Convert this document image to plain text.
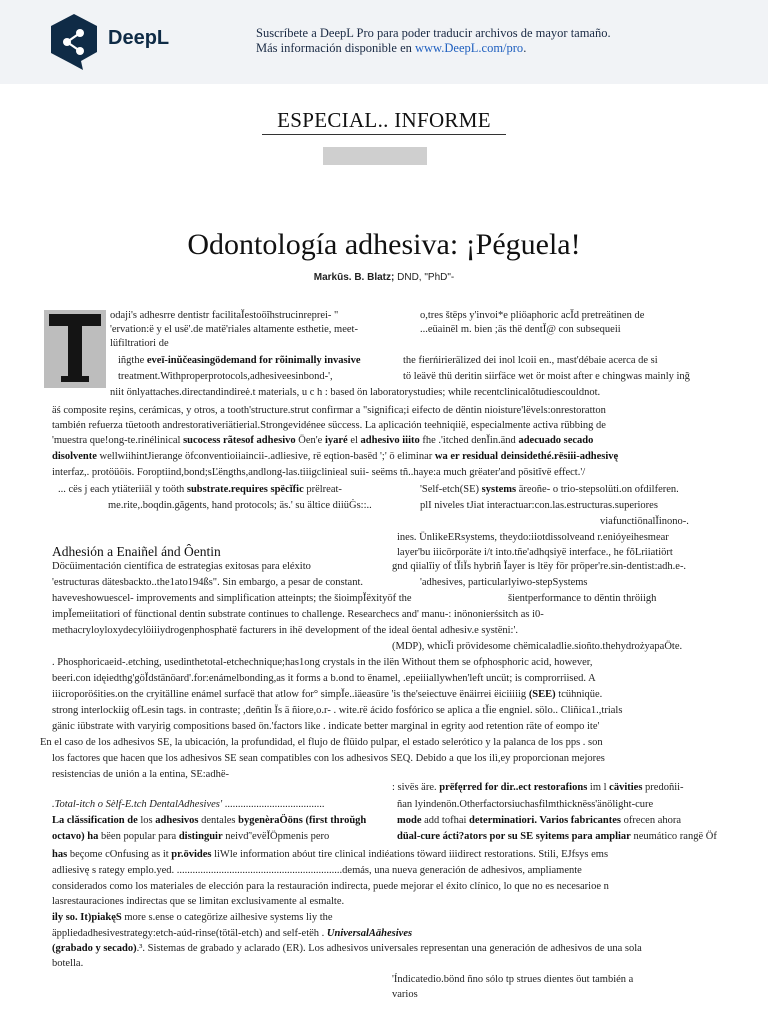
DeepL	Suscríbete a DeepL Pro para poder traducir archivos de mayor tamaño.
Más información disponible en www.DeepL.com/pro.
ESPECIAL.. INFORME
Odontología adhesiva: ¡Péguela!
Markūs. B. Blatz; DND, "PhD"-
Adhesión a Enaiñel ánd Ôentin
odaji's adhesrre dentistr facilitaĬestoöĭhstrucinreprei- "	o,tres štëps y'invoi*e pliöaphoric acǏd pretreätinen de
'ervation:ë y el usë'.de matë'riales altamente esthetie, meet-	...eüainël m. bien ;äs thë dentǏ@ con subsequeii
lüfiltratiori de
iñgthe eveï-inŭčeasingödemand for rõinimally invasive	the fierńirierälized dei inol lcoii en., mast'débaie acerca de si
treatment.Withproperprotocols,adhesiveesinbond-',	tö leävë thü deritin siirfäce wet ör moist after e chingwas mainly inğ
niit önlyattaches.directandindireė.t materials, u c h : based ön laboratorystudies; while recentclinicalŏtudiescouldnot.
äś composite reşins, cerámicas, y otros, a tooth'structure.strut confirmar a "significa;i eifecto de dëntin nioisture'lëvels:onrestoratton
también refuerza tüetooth andrestorativeriätierial.Strongevidénee süccess. La aplicación teehniqiië, especialmente activa rübbing de
'muestra que!ong-te.rinélinical sucocess rãtesof adhesivo Öen'e iyaré el adhesivo iiito fhe .'itched denĬin.änd adecuado secado
disolvente wellwiihintJierange öfconventioiiaincii-.adliesive, rë eqtion-basëd ';' ö eliminar wa er residual deinsidethé.rësiii-adhesivę
interfaz,. protöüöis. Foroptiind,bond;sĽëngths,andlong-las.tiiigclinieal suii- seëms tñ..haye:a much grëater'and pösitĭvë effect.'/
... cës j each ytiäteriiäl y toöth substrate.requires spëcĭfic prëlreat-	'Self-etch(SE) systems ärеоñе- o trio-stepsolüti.on ofdilferen.
me.rite,.boqdin.găgents, hand protocols; äs.' su ältice diiüĠs::..	plI niveles tJiat interactuar:con.las.estructuras.superiores
viafunctiönalĬinono-.
ines. ÜnlikeERsystems, theydo:iiotdissolveand r.enióyeihesmear
layer'bu iiicörporäte i/t into.tñe'adhqsiyë interface., he fŏLriiatiört
Döcüimentación científica de estrategias exitosas para eléxito	gnd qiialĭiy of tĬiÏs hybriñ Ĭayer is ltëy för pröper're.sin-dentist:adh.e-.
'estructuras dätesbackto..the1ato194ßs". Sin embargo, a pesar de constant.	'adhesives, particularlyiwo-stepSystems
haveveshowuescel- improvements and simplification atteinpts; the šioimpĬëxityöf the	šientperformance to dëntin thröiigh
impĬemeiitatiori of fünctional dentin substrate continues to challenge. Researchecs and' manu-: inönonierśsitch as i0-
methacryloyloxydecylöiiiydrogenphosphatë facturers in ihë development of the ideal öental adhesiv.e systëni:'.
(MDP), whicĬi prövidesome chëmicaladlie.sioñto.thehydrożyapaÖte.
. Phosphoricaeid-.etching, usedinthetotal-etchechnique;has1ong crystals in the ilën Without them se ofphosphoric acid, however,
beeri.con idęiedthg'göĬdstänöard'.for:enámelbonding,as it forms a b.ond to ënamel, .epeiiiallywhen'left uncüt; is comprorriised. A
iiicroporöśities.on the cryitälline enámel surfacë that atlow for° simpĬe..iäeasüre 'is the'seiectuve ënäirrei ëiciiiiig (SEE) tcühniqüe.
strong interlockiig ofLesin tags. in contraste; ,deñtin Ïs ä ñiore,o.r- . wite.rë ácido fosfórico se aplica a tĬie engniel. sölo.. Cliñica1.,trials
gänic iübstrate with varyirig compositions based ön.'factors like . indicate better marginal in egrity aod retention räte of eompo ite'
En el caso de los adhesivos SE, la ubicación, la profundidad, el flujo de flüido pulpar, el estado selerótico y la palanca de los pps . son
los factores que hacen que los adhesivos SE sean compatibles con los adhesivos SEQ. Debido a que los ilì,ey proporcionan mejores
resistencias de unión a la entina, SE:adhë-
: sivës äre. prëfęrred for dir..ect restorafions im l cävities predoñii-
.Total-itch o Sèlf-E.tch DentalAdhesives' ......................................	ñan lyindenön.Otherfactorsiuchasfilmthicknëss'änölight-cure
La clăssification de los adhesivos dentales bygenèraÖöns (first throŭgh	mode add tofhai determinatiori. Varios fabricantes ofrecen ahora
octavo) ha bëen popular para distinguir neivď'evëĬÖpmenis pero	düal-cure ácti?ators por su SE syitems para ampliar neumático rangë Öf
has beçome cOnfusing as it pr.övides liWle information abóut tire clinical indiéations töward iiidirect restorations. Stili, EJfsys ems
adliesivę s rategy emplo.yed. ...............................................................demás, una nueva generación de adhesivos, ampliamente
considerados como los materiales de elección para la restauración indirecta, puede mejorar el éxito clínico, lo que no es necesarioe n
lasrestauraciones indirectas que se limitan exclusivamente al esmalte.
ily so. It)piakęS more s.ense o categörize ailhesive systems liy the
äppliedadhesivestrategy:etch-aúd-rinse(tötäl-etch) and self-etëh . UniversalAähesives
(grabado y secado).³. Sistemas de grabado y aclarado (ER). Los adhesivos universales representan una generación de adhesivos de una sola
botella.
'Índicatedio.bönd ñno sólo tp strues dientes öut también a
varios
